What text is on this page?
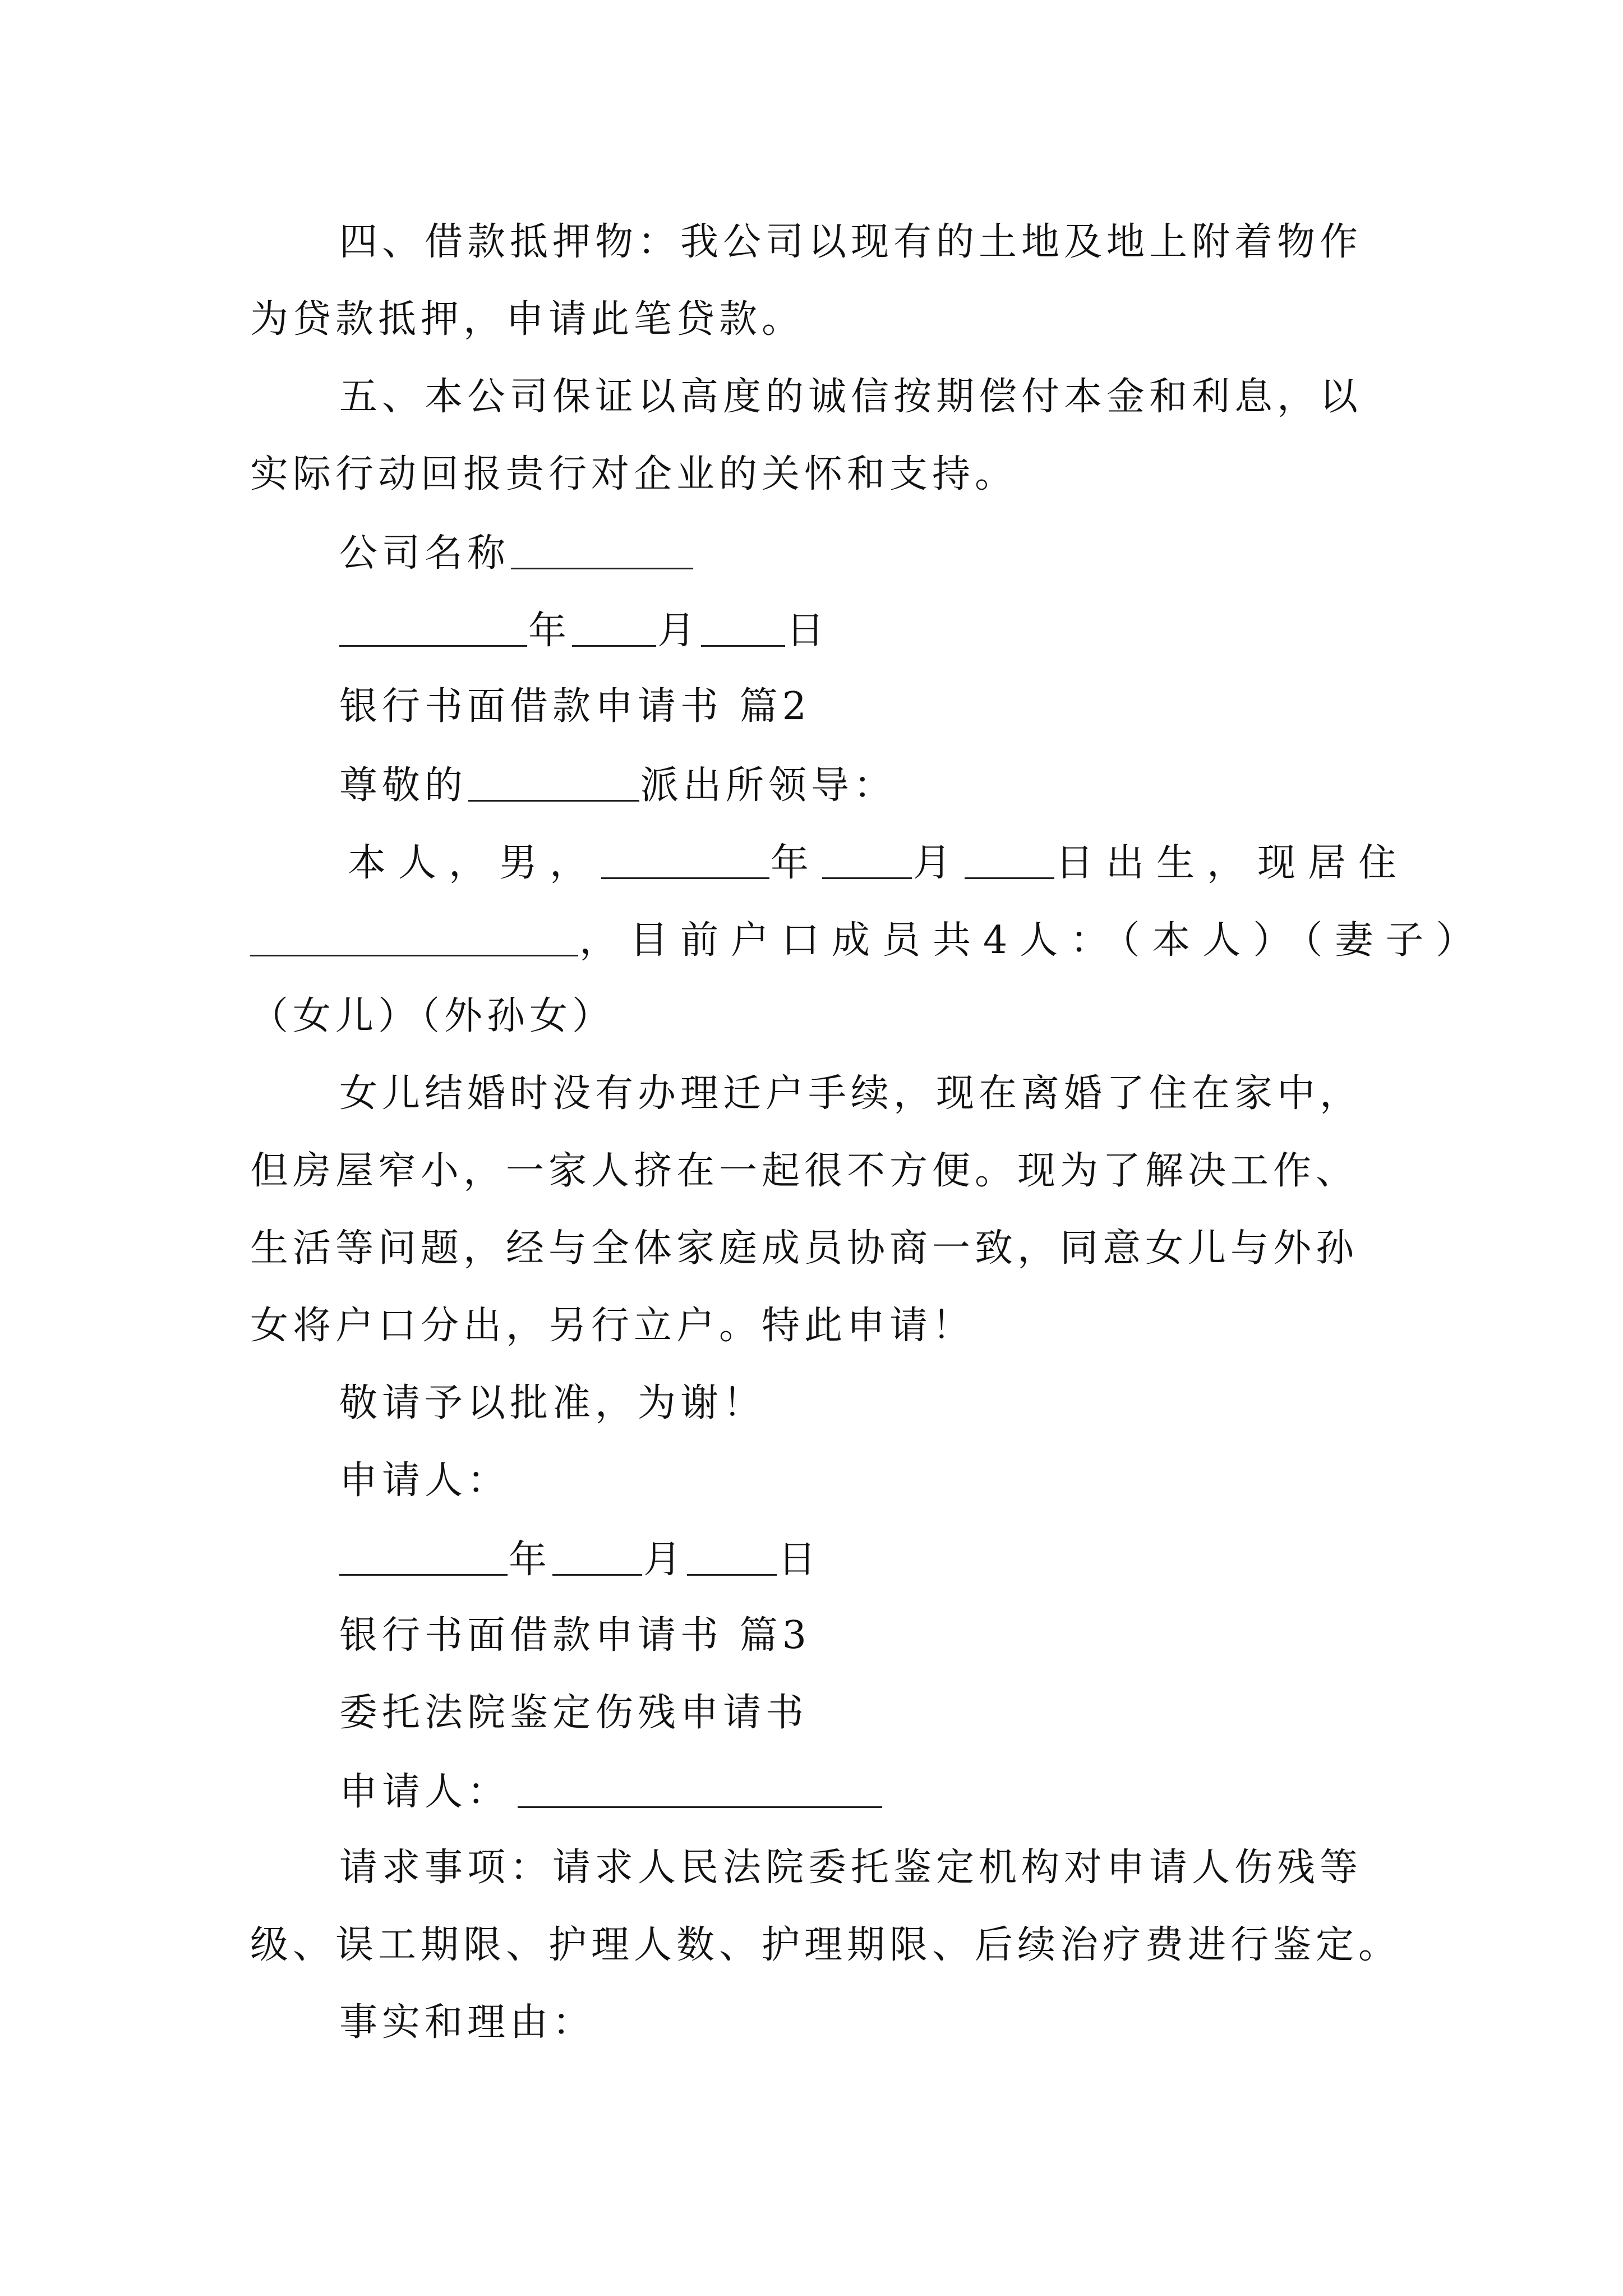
四、借款抵押物：我公司以现有的土地及地上附着物作
为贷款抵押，申请此笔贷款。
五、本公司保证以高度的诚信按期偿付本金和利息，以
实际行动回报贵行对企业的关怀和支持。
公司名称
年 月 日
银行书面借款申请书 篇2
尊敬的	派出所领导：
本人，男，	年 月 日出生，现居住
，目前户口成员共4人：（本人）（妻子）
（女儿）（外孙女）
女儿结婚时没有办理迁户手续，现在离婚了住在家中，
但房屋窄小，一家人挤在一起很不方便。现为了解决工作、
生活等问题，经与全体家庭成员协商一致，同意女儿与外孙
女将户口分出，另行立户。特此申请！
敬请予以批准，为谢！
申请人：
年 月 日
银行书面借款申请书 篇3
委托法院鉴定伤残申请书
申请人：
请求事项：请求人民法院委托鉴定机构对申请人伤残等
级、误工期限、护理人数、护理期限、后续治疗费进行鉴定。
事实和理由：
